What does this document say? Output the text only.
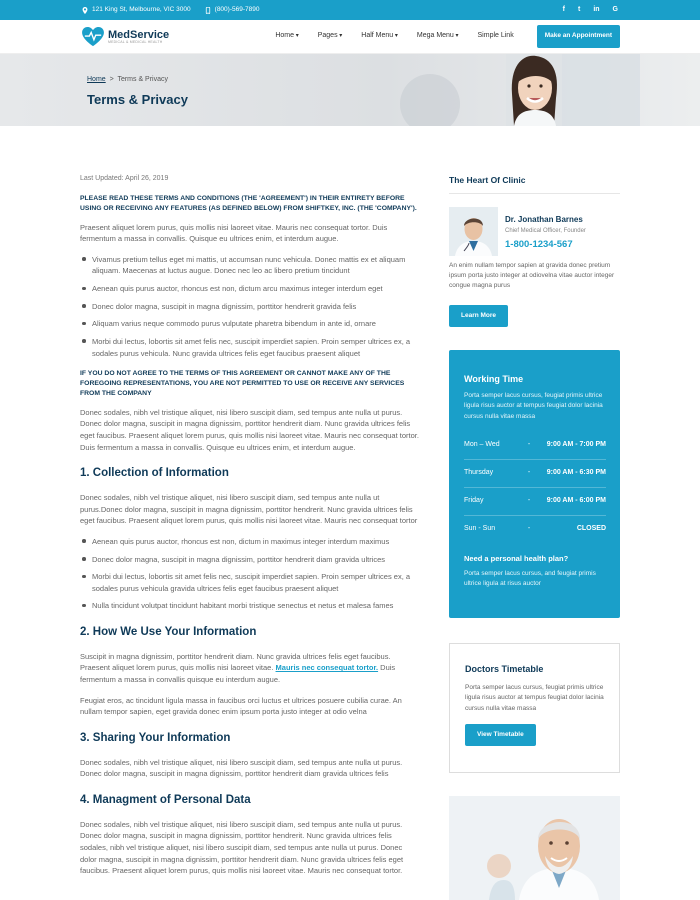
121 King St, Melbourne, VIC 3000	(800)-569-7890	f t in G
MedService
MEDICAL & MEDICAL HEALTH
Home ▾	Pages ▾	Half Menu ▾	Mega Menu ▾	Simple Link	Make an Appointment
Home > Terms & Privacy
Terms & Privacy
Last Updated: April 26, 2019
PLEASE READ THESE TERMS AND CONDITIONS (THE 'AGREEMENT') IN THEIR ENTIRETY BEFORE USING OR RECEIVING ANY FEATURES (AS DEFINED BELOW) FROM SHIFTKEY, INC. (THE 'COMPANY').

Praesent aliquet lorem purus, quis mollis nisi laoreet vitae. Mauris nec consequat tortor. Duis fermentum a massa in convallis. Quisque eu ultrices enim, et interdum augue.

Vivamus pretium tellus eget mi mattis, ut accumsan nunc vehicula. Donec mattis ex et aliquam aliquam. Maecenas at luctus augue. Donec nec leo ac libero pretium tincidunt
Aenean quis purus auctor, rhoncus est non, dictum arcu maximus integer interdum eget
Donec dolor magna, suscipit in magna dignissim, porttitor hendrerit gravida felis
Aliquam varius neque commodo purus vulputate pharetra bibendum in ante id, ornare
Morbi dui lectus, lobortis sit amet felis nec, suscipit imperdiet sapien. Proin semper ultrices ex, a sodales purus vehicula. Nunc gravida ultrices felis eget faucibus praesent aliquet
IF YOU DO NOT AGREE TO THE TERMS OF THIS AGREEMENT OR CANNOT MAKE ANY OF THE FOREGOING REPRESENTATIONS, YOU ARE NOT PERMITTED TO USE OR RECEIVE ANY SERVICES FROM THE COMPANY

Donec sodales, nibh vel tristique aliquet, nisi libero suscipit diam, sed tempus ante nulla ut purus. Donec dolor magna, suscipit in magna dignissim, porttitor hendrerit diam. Nunc gravida ultrices felis eget faucibus. Praesent aliquet lorem purus, quis mollis nisi laoreet vitae. Mauris nec consequat tortor. Duis fermentum a massa in convallis. Quisque eu ultrices enim, et interdum augue.

1. Collection of Information

Donec sodales, nibh vel tristique aliquet, nisi libero suscipit diam, sed tempus ante nulla ut purus.Donec dolor magna, suscipit in magna dignissim, porttitor hendrerit. Nunc gravida ultrices felis eget faucibus. Praesent aliquet lorem purus, quis mollis nisi laoreet vitae. Mauris nec consequat tortor

Aenean quis purus auctor, rhoncus est non, dictum in maximus integer interdum maximus
Donec dolor magna, suscipit in magna dignissim, porttitor hendrerit diam gravida ultrices
Morbi dui lectus, lobortis sit amet felis nec, suscipit imperdiet sapien. Proin semper ultrices ex, a sodales purus vehicula gravida ultrices felis eget faucibus praesent aliquet
Nulla tincidunt volutpat tincidunt habitant morbi tristique senectus et netus et malesa fames
2. How We Use Your Information

Suscipit in magna dignissim, porttitor hendrerit diam. Nunc gravida ultrices felis eget faucibus. Praesent aliquet lorem purus, quis mollis nisi laoreet vitae. Mauris nec consequat tortor. Duis fermentum a massa in convallis quisque eu interdum augue.

Feugiat eros, ac tincidunt ligula massa in faucibus orci luctus et ultrices posuere cubilia curae. An nullam tempor sapien, eget gravida donec enim ipsum porta justo integer at odio velna

3. Sharing Your Information

Donec sodales, nibh vel tristique aliquet, nisi libero suscipit diam, sed tempus ante nulla ut purus. Donec dolor magna, suscipit in magna dignissim, porttitor hendrerit diam gravida ultrices felis

4. Managment of Personal Data

Donec sodales, nibh vel tristique aliquet, nisi libero suscipit diam, sed tempus ante nulla ut purus. Donec dolor magna, suscipit in magna dignissim, porttitor hendrerit. Nunc gravida ultrices felis sodales, nibh vel tristique aliquet, nisi libero suscipit diam, sed tempus ante nulla ut purus. Donec dolor magna, suscipit in magna dignissim, porttitor hendrerit diam. Nunc gravida ultrices felis eget faucibus. Praesent aliquet lorem purus, quis mollis nisi laoreet vitae. Mauris nec consequat tortor.

The Heart Of Clinic
Dr. Jonathan Barnes
Chief Medical Officer, Founder
1-800-1234-567
An enim nullam tempor sapien at gravida donec pretium ipsum porta justo integer at odiovelna vitae auctor integer congue magna purus
Learn More
Working Time
Porta semper lacus cursus, feugiat primis ultrice ligula risus auctor at tempus feugiat dolor lacinia cursus nulla vitae massa
Mon – Wed	-	9:00 AM - 7:00 PM
Thursday	-	9:00 AM - 6:30 PM
Friday	-	9:00 AM - 6:00 PM
Sun - Sun	-	CLOSED
Need a personal health plan?
Porta semper lacus cursus, and feugiat primis ultrice ligula at risus auctor
Doctors Timetable
Porta semper lacus cursus, feugiat primis ultrice ligula risus auctor at tempus feugiat dolor lacinia cursus nulla vitae massa
View Timetable
